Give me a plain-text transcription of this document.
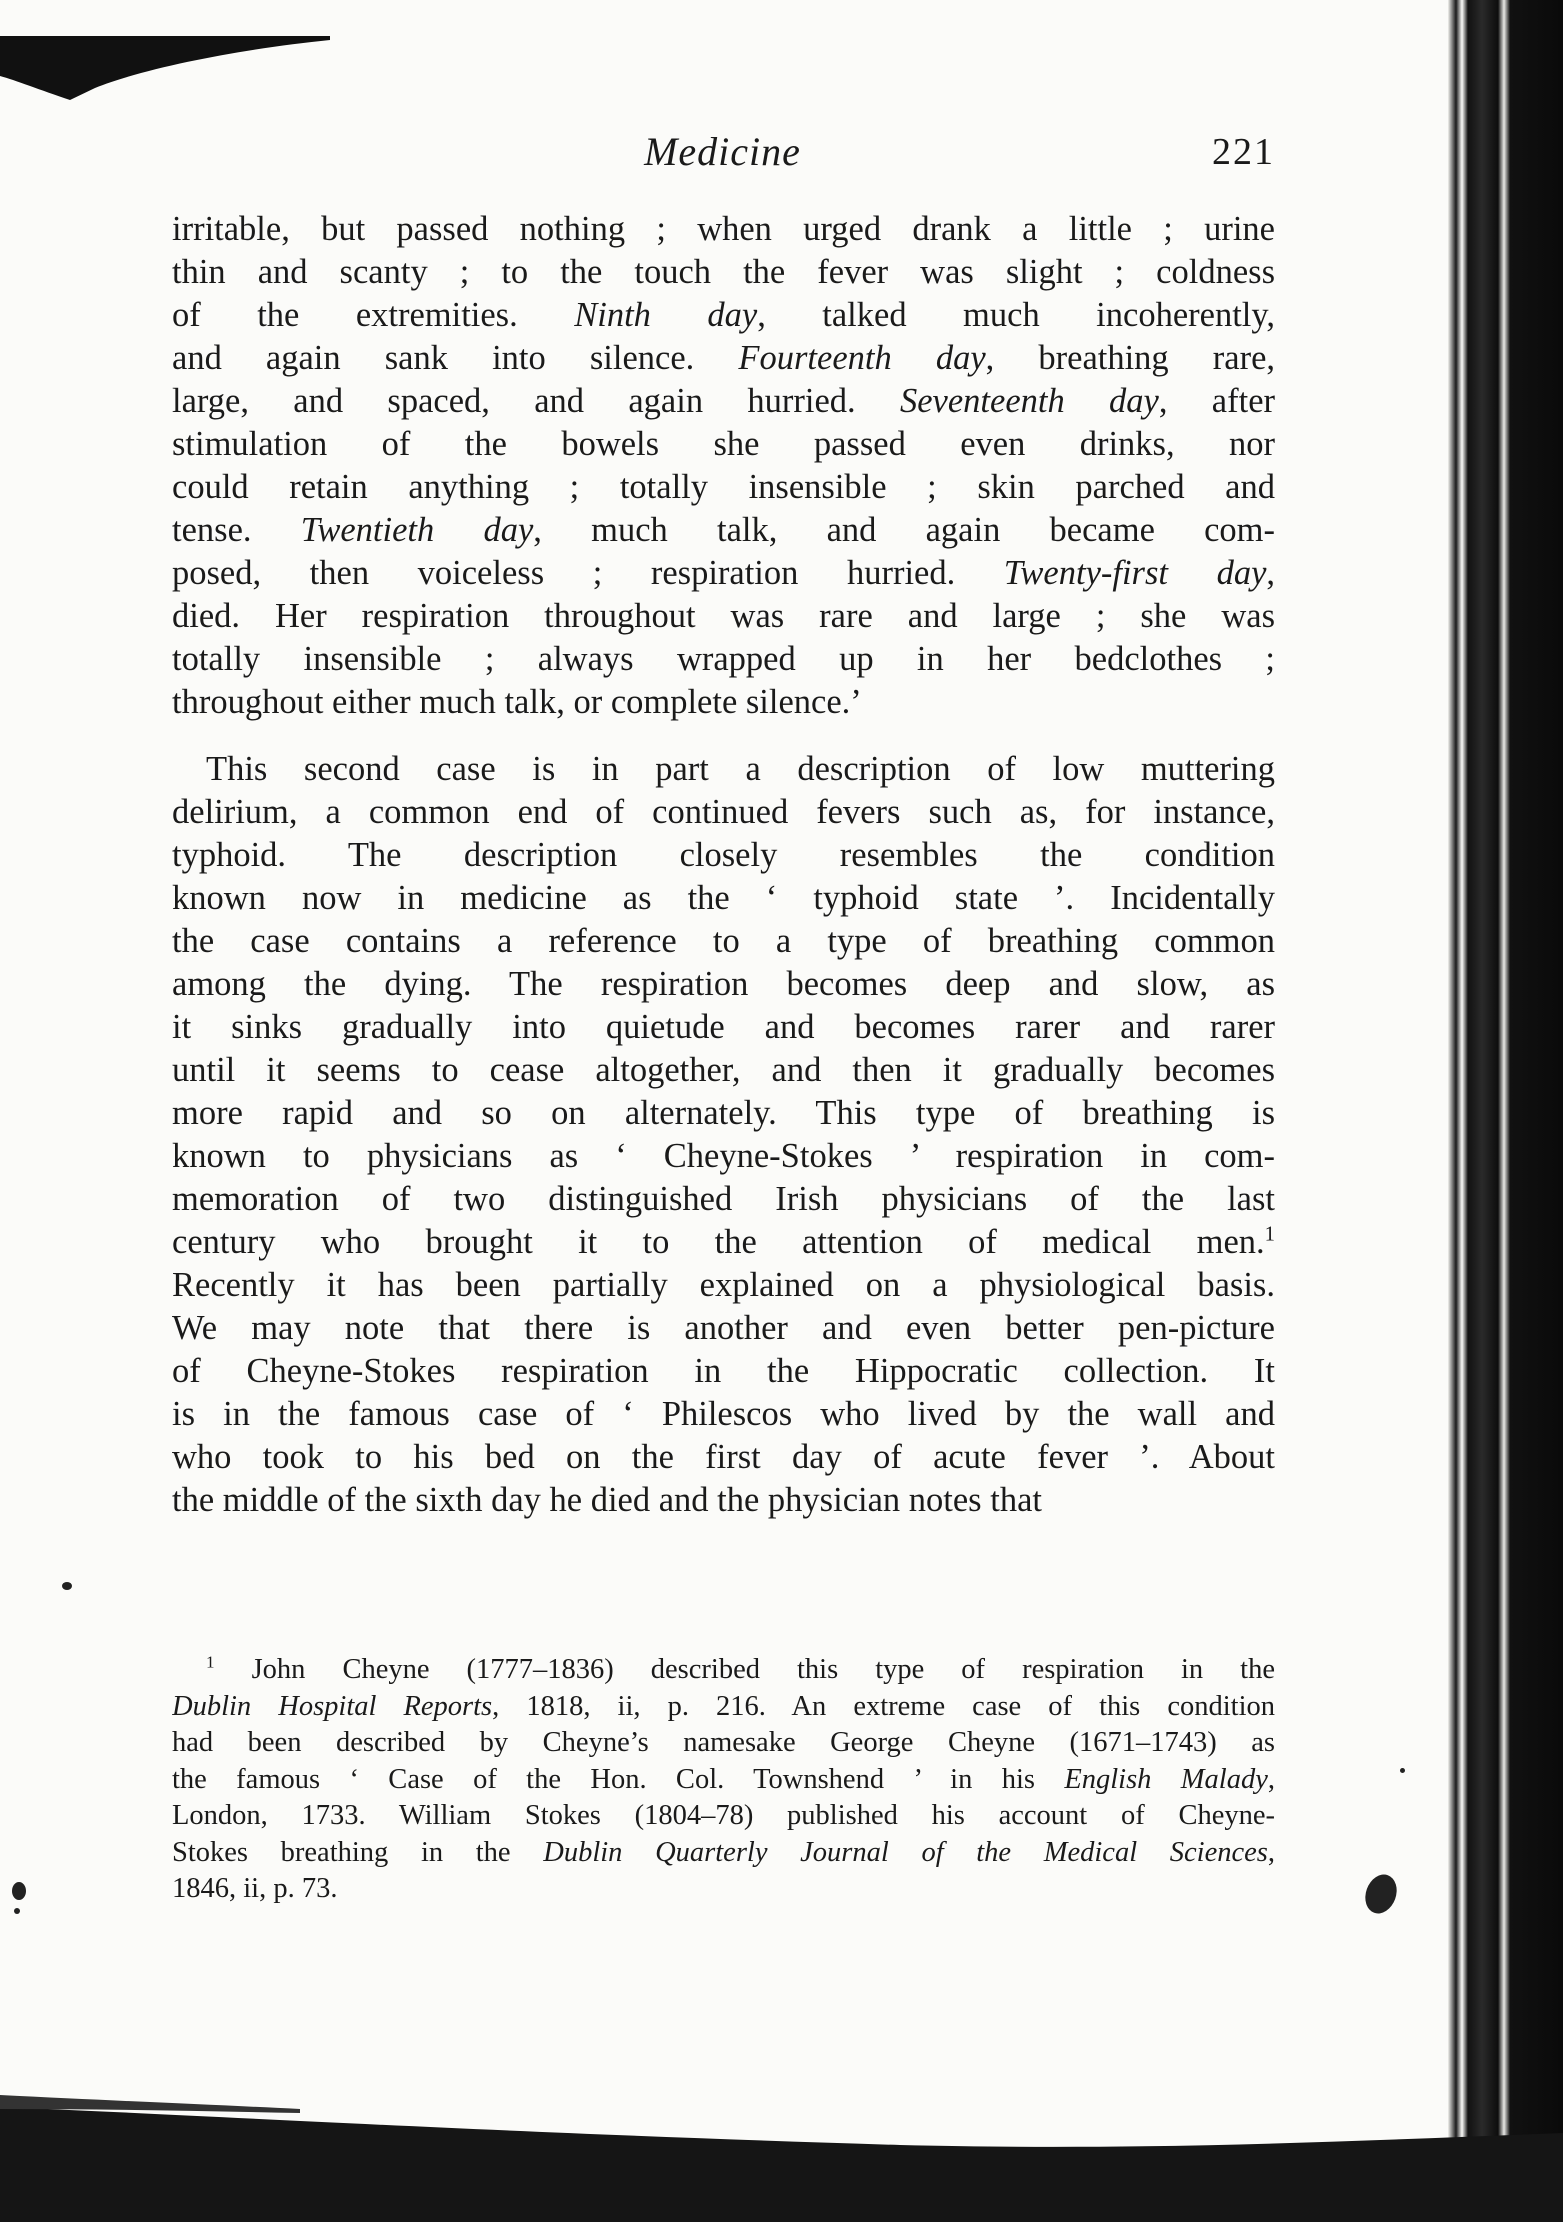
Medicine	221
irritable, but passed nothing ; when urged drank a little ; urine
thin and scanty ; to the touch the fever was slight ; coldness
of the extremities. Ninth day, talked much incoherently,
and again sank into silence. Fourteenth day, breathing rare,
large, and spaced, and again hurried. Seventeenth day, after
stimulation of the bowels she passed even drinks, nor
could retain anything ; totally insensible ; skin parched and
tense. Twentieth day, much talk, and again became com-
posed, then voiceless ; respiration hurried. Twenty-first day,
died. Her respiration throughout was rare and large ; she was
totally insensible ; always wrapped up in her bedclothes ;
throughout either much talk, or complete silence.’
This second case is in part a description of low muttering
delirium, a common end of continued fevers such as, for instance,
typhoid. The description closely resembles the condition
known now in medicine as the ‘ typhoid state ’. Incidentally
the case contains a reference to a type of breathing common
among the dying. The respiration becomes deep and slow, as
it sinks gradually into quietude and becomes rarer and rarer
until it seems to cease altogether, and then it gradually becomes
more rapid and so on alternately. This type of breathing is
known to physicians as ‘ Cheyne-Stokes ’ respiration in com-
memoration of two distinguished Irish physicians of the last
century who brought it to the attention of medical men.$^1$
Recently it has been partially explained on a physiological basis.
We may note that there is another and even better pen-picture
of Cheyne-Stokes respiration in the Hippocratic collection. It
is in the famous case of ‘ Philescos who lived by the wall and
who took to his bed on the first day of acute fever ’. About
the middle of the sixth day he died and the physician notes that
$^1$ John Cheyne (1777–1836) described this type of respiration in the
Dublin Hospital Reports, 1818, ii, p. 216. An extreme case of this condition
had been described by Cheyne’s namesake George Cheyne (1671–1743) as
the famous ‘ Case of the Hon. Col. Townshend ’ in his English Malady,
London, 1733. William Stokes (1804–78) published his account of Cheyne-
Stokes breathing in the Dublin Quarterly Journal of the Medical Sciences,
1846, ii, p. 73.
